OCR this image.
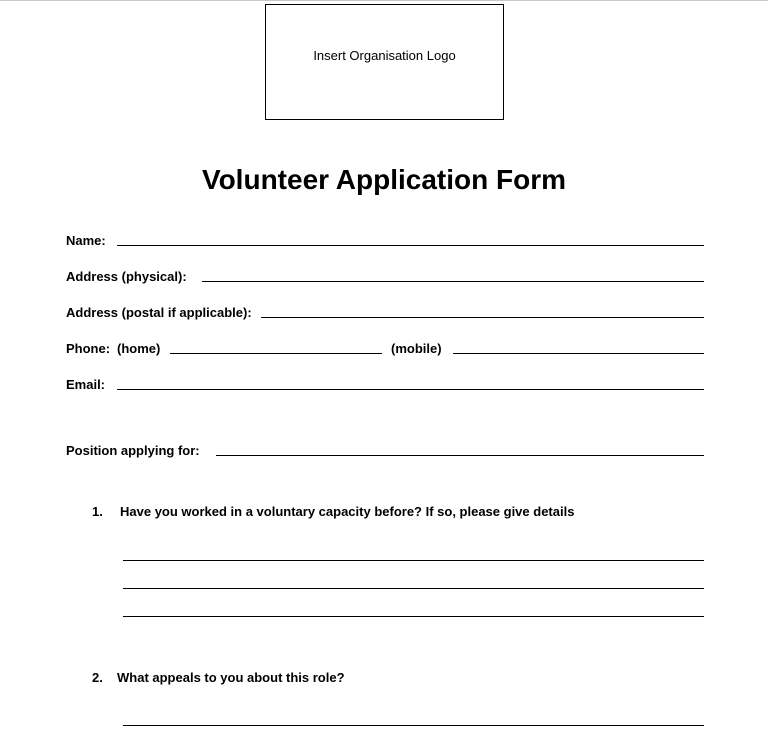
Insert Organisation Logo
Volunteer Application Form
Name:
Address (physical):
Address (postal if applicable):
Phone: (home)	(mobile)
Email:
Position applying for:
1. Have you worked in a voluntary capacity before? If so, please give details
2. What appeals to you about this role?
